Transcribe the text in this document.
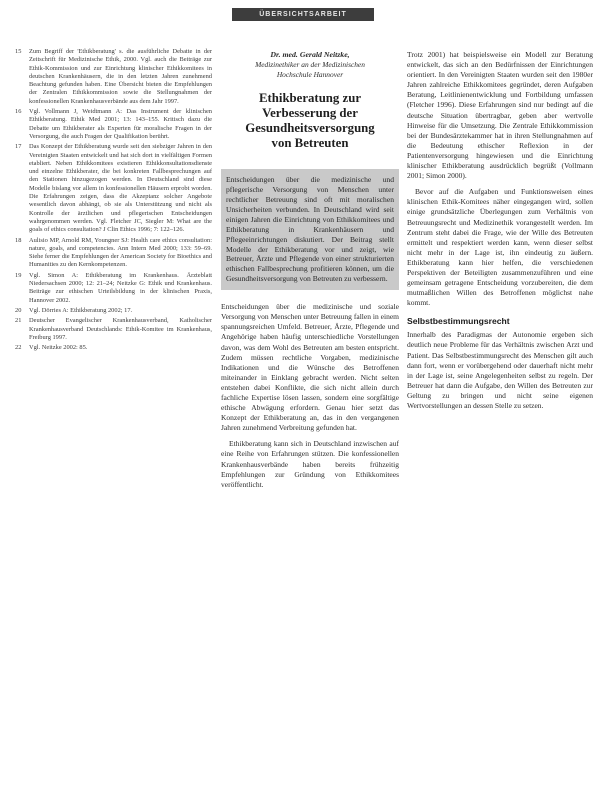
ÜBERSICHTSARBEIT
15	Zum Begriff der 'Ethikberatung' s. die ausführliche Debatte in der Zeitschrift für Medizinische Ethik, 2000. Vgl. auch die Beiträge zur Ethik-Kommission und zur Einrichtung klinischer Ethikkomitees in deutschen Krankenhäusern, die in den letzten Jahren zunehmend Beachtung gefunden haben. Eine Übersicht bieten die Empfehlungen der Zentralen Ethikkommission sowie die Stellungnahmen der konfessionellen Krankenhausverbände aus dem Jahr 1997.
16	Vgl. Vollmann J, Weidtmann A: Das Instrument der klinischen Ethikberatung. Ethik Med 2001; 13: 143–155. Kritisch dazu die Debatte um Ethikberater als Experten für moralische Fragen in der Versorgung, die auch Fragen der Qualifikation berührt.
17	Das Konzept der Ethikberatung wurde seit den siebziger Jahren in den Vereinigten Staaten entwickelt und hat sich dort in vielfältigen Formen etabliert. Neben Ethikkomitees existieren Ethikkonsultationsdienste und einzelne Ethikberater, die bei konkreten Fallbesprechungen auf den Stationen hinzugezogen werden. In Deutschland sind diese Modelle bislang vor allem in konfessionellen Häusern erprobt worden. Die Erfahrungen zeigen, dass die Akzeptanz solcher Angebote wesentlich davon abhängt, ob sie als Unterstützung und nicht als Kontrolle der ärztlichen und pflegerischen Entscheidungen wahrgenommen werden. Vgl. Fletcher JC, Siegler M: What are the goals of ethics consultation? J Clin Ethics 1996; 7: 122–126.
18	Aulisio MP, Arnold RM, Youngner SJ: Health care ethics consultation: nature, goals, and competencies. Ann Intern Med 2000; 133: 59–69. Siehe ferner die Empfehlungen der American Society for Bioethics and Humanities zu den Kernkompetenzen.
19	Vgl. Simon A: Ethikberatung im Krankenhaus. Ärzteblatt Niedersachsen 2000; 12: 21–24; Neitzke G: Ethik und Krankenhaus. Beiträge zur ethischen Urteilsbildung in der klinischen Praxis, Hannover 2002.
20	Vgl. Dörries A: Ethikberatung 2002; 17.
21	Deutscher Evangelischer Krankenhausverband, Katholischer Krankenhausverband Deutschlands: Ethik-Komitee im Krankenhaus, Freiburg 1997.
22	Vgl. Neitzke 2002: 85.
Dr. med. Gerald Neitzke,
Medizinethiker an der Medizinischen
Hochschule Hannover
Ethikberatung zur
Verbesserung der
Gesundheitsversorgung
von Betreuten
Entscheidungen über die medizinische und pflegerische Versorgung von Menschen unter rechtlicher Betreuung sind oft mit moralischen Unsicherheiten verbunden. In Deutschland wird seit einigen Jahren die Einrichtung von Ethikkomitees und Ethikberatung in Krankenhäusern und Pflegeeinrichtungen diskutiert. Der Beitrag stellt Modelle der Ethikberatung vor und zeigt, wie Betreuer, Ärzte und Pflegende von einer strukturierten ethischen Fallbesprechung profitieren können, um die Gesundheitsversorgung von Betreuten zu verbessern.

Entscheidungen über die medizinische und soziale Versorgung von Menschen unter Betreuung fallen in einem spannungsreichen Umfeld. Betreuer, Ärzte, Pflegende und Angehörige haben häufig unterschiedliche Vorstellungen davon, was dem Wohl des Betreuten am besten entspricht. Zudem müssen rechtliche Vorgaben, medizinische Indikationen und die Wünsche des Betroffenen miteinander in Einklang gebracht werden. Nicht selten entstehen dabei Konflikte, die sich nicht allein durch fachliche Expertise lösen lassen, sondern eine sorgfältige ethische Abwägung erfordern. Genau hier setzt das Konzept der Ethikberatung an, das in den vergangenen Jahren zunehmend Verbreitung gefunden hat.

Ethikberatung kann sich in Deutschland inzwischen auf eine Reihe von Erfahrungen stützen. Die konfessionellen Krankenhausverbände haben bereits frühzeitig Empfehlungen zur Gründung von Ethikkomitees veröffentlicht.

Trotz 2001) hat beispielsweise ein Modell zur Beratung entwickelt, das sich an den Bedürfnissen der Einrichtungen orientiert. In den Vereinigten Staaten wurden seit den 1980er Jahren zahlreiche Ethikkomitees gegründet, deren Aufgaben Beratung, Leitlinienentwicklung und Fortbildung umfassen (Fletcher 1996). Diese Erfahrungen sind nur bedingt auf die deutsche Situation übertragbar, geben aber wertvolle Hinweise für die Umsetzung. Die Zentrale Ethikkommission bei der Bundesärztekammer hat in ihren Stellungnahmen auf die Bedeutung ethischer Reflexion in der Patientenversorgung hingewiesen und die Einrichtung klinischer Ethikberatung ausdrücklich begrüßt (Vollmann 2001; Simon 2000).

Bevor auf die Aufgaben und Funktionsweisen eines klinischen Ethik-Komitees näher eingegangen wird, sollen einige grundsätzliche Überlegungen zum Verhältnis von Betreuungsrecht und Medizinethik vorangestellt werden. Im Zentrum steht dabei die Frage, wie der Wille des Betreuten ermittelt und respektiert werden kann, wenn dieser selbst nicht mehr in der Lage ist, ihn eindeutig zu äußern. Ethikberatung kann hier helfen, die verschiedenen Perspektiven der Beteiligten zusammenzuführen und eine gemeinsam getragene Entscheidung vorzubereiten, die dem mutmaßlichen Willen des Betroffenen möglichst nahe kommt.

Selbstbestimmungsrecht

Innerhalb des Paradigmas der Autonomie ergeben sich deutlich neue Probleme für das Verhältnis zwischen Arzt und Patient. Das Selbstbestimmungsrecht des Menschen gilt auch dann fort, wenn er vorübergehend oder dauerhaft nicht mehr in der Lage ist, seine Angelegenheiten selbst zu regeln. Der Betreuer hat dann die Aufgabe, den Willen des Betreuten zur Geltung zu bringen und nicht seine eigenen Wertvorstellungen an dessen Stelle zu setzen.
